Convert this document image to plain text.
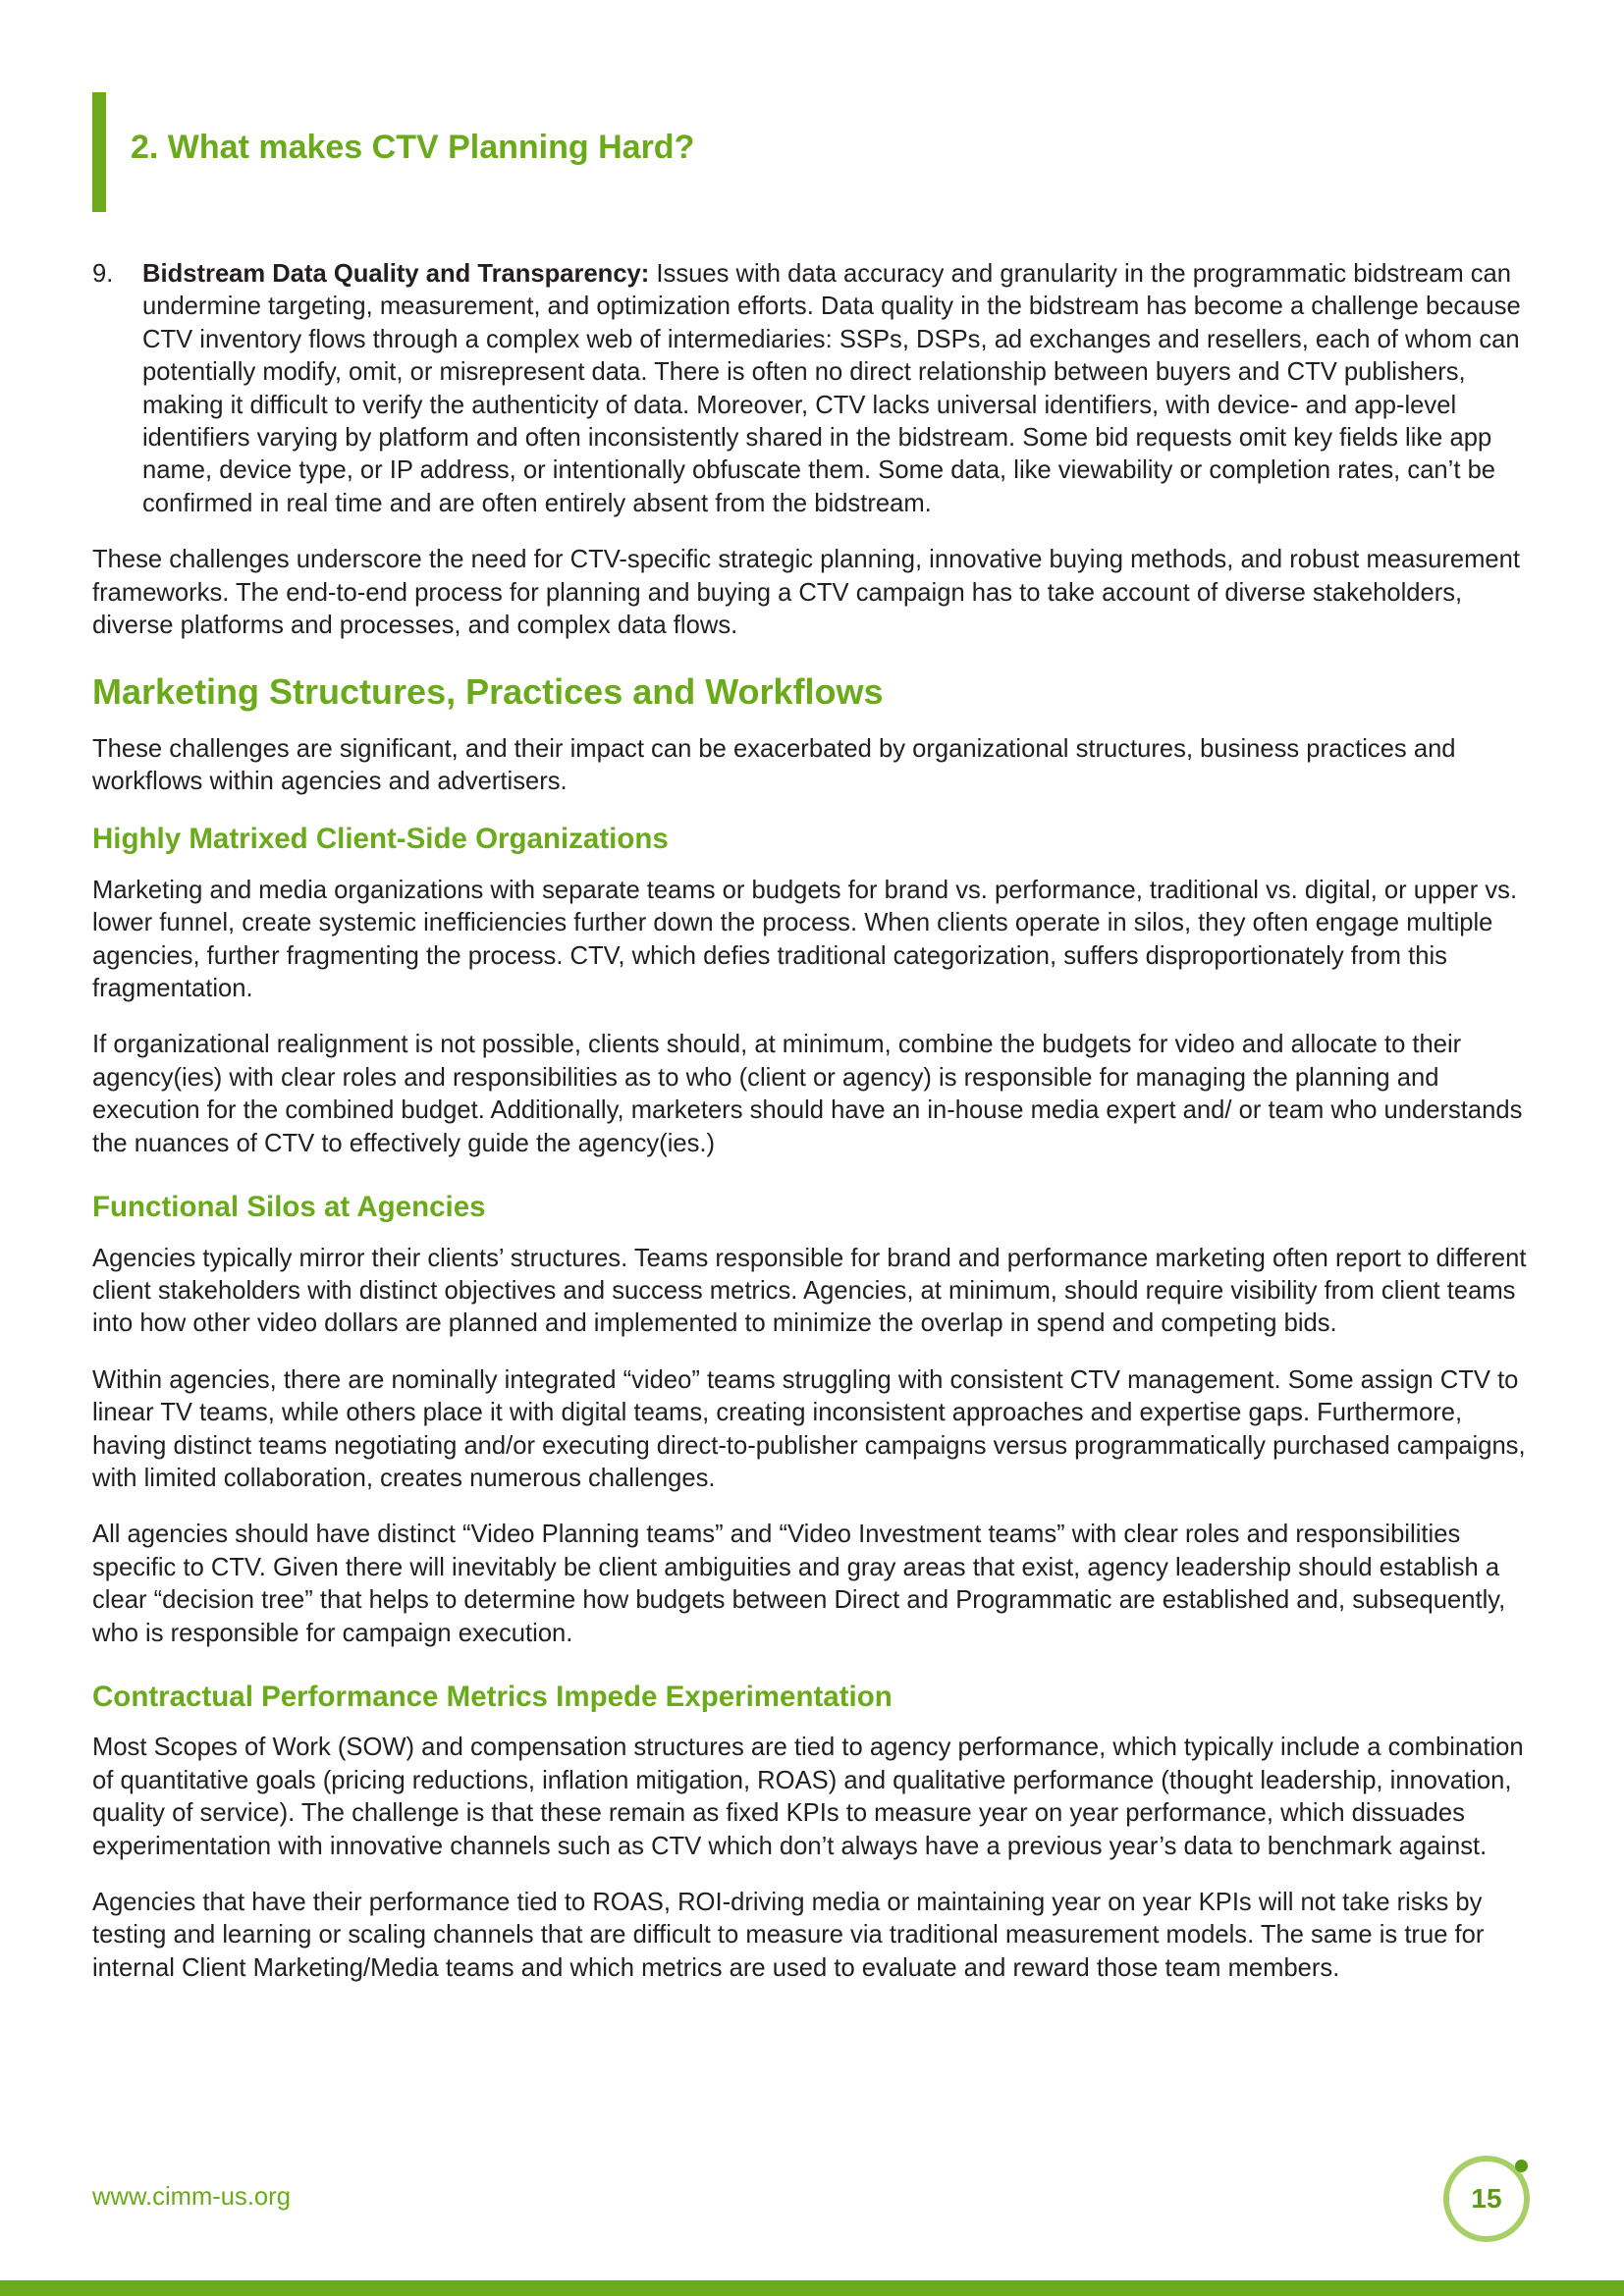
2. What makes CTV Planning Hard?
9. Bidstream Data Quality and Transparency: Issues with data accuracy and granularity in the programmatic bidstream can undermine targeting, measurement, and optimization efforts. Data quality in the bidstream has become a challenge because CTV inventory flows through a complex web of intermediaries: SSPs, DSPs, ad exchanges and resellers, each of whom can potentially modify, omit, or misrepresent data. There is often no direct relationship between buyers and CTV publishers, making it difficult to verify the authenticity of data. Moreover, CTV lacks universal identifiers, with device- and app-level identifiers varying by platform and often inconsistently shared in the bidstream. Some bid requests omit key fields like app name, device type, or IP address, or intentionally obfuscate them. Some data, like viewability or completion rates, can’t be confirmed in real time and are often entirely absent from the bidstream.

These challenges underscore the need for CTV-specific strategic planning, innovative buying methods, and robust measurement frameworks. The end-to-end process for planning and buying a CTV campaign has to take account of diverse stakeholders, diverse platforms and processes, and complex data flows.

Marketing Structures, Practices and Workflows

These challenges are significant, and their impact can be exacerbated by organizational structures, business practices and workflows within agencies and advertisers.

Highly Matrixed Client-Side Organizations

Marketing and media organizations with separate teams or budgets for brand vs. performance, traditional vs. digital, or upper vs. lower funnel, create systemic inefficiencies further down the process. When clients operate in silos, they often engage multiple agencies, further fragmenting the process. CTV, which defies traditional categorization, suffers disproportionately from this fragmentation.

If organizational realignment is not possible, clients should, at minimum, combine the budgets for video and allocate to their agency(ies) with clear roles and responsibilities as to who (client or agency) is responsible for managing the planning and execution for the combined budget. Additionally, marketers should have an in-house media expert and/ or team who understands the nuances of CTV to effectively guide the agency(ies.)

Functional Silos at Agencies

Agencies typically mirror their clients’ structures. Teams responsible for brand and performance marketing often report to different client stakeholders with distinct objectives and success metrics. Agencies, at minimum, should require visibility from client teams into how other video dollars are planned and implemented to minimize the overlap in spend and competing bids.

Within agencies, there are nominally integrated “video” teams struggling with consistent CTV management. Some assign CTV to linear TV teams, while others place it with digital teams, creating inconsistent approaches and expertise gaps. Furthermore, having distinct teams negotiating and/or executing direct-to-publisher campaigns versus programmatically purchased campaigns, with limited collaboration, creates numerous challenges.

All agencies should have distinct “Video Planning teams” and “Video Investment teams” with clear roles and responsibilities specific to CTV. Given there will inevitably be client ambiguities and gray areas that exist, agency leadership should establish a clear “decision tree” that helps to determine how budgets between Direct and Programmatic are established and, subsequently, who is responsible for campaign execution.

Contractual Performance Metrics Impede Experimentation

Most Scopes of Work (SOW) and compensation structures are tied to agency performance, which typically include a combination of quantitative goals (pricing reductions, inflation mitigation, ROAS) and qualitative performance (thought leadership, innovation, quality of service). The challenge is that these remain as fixed KPIs to measure year on year performance, which dissuades experimentation with innovative channels such as CTV which don’t always have a previous year’s data to benchmark against.

Agencies that have their performance tied to ROAS, ROI-driving media or maintaining year on year KPIs will not take risks by testing and learning or scaling channels that are difficult to measure via traditional measurement models. The same is true for internal Client Marketing/Media teams and which metrics are used to evaluate and reward those team members.

www.cimm-us.org	15
